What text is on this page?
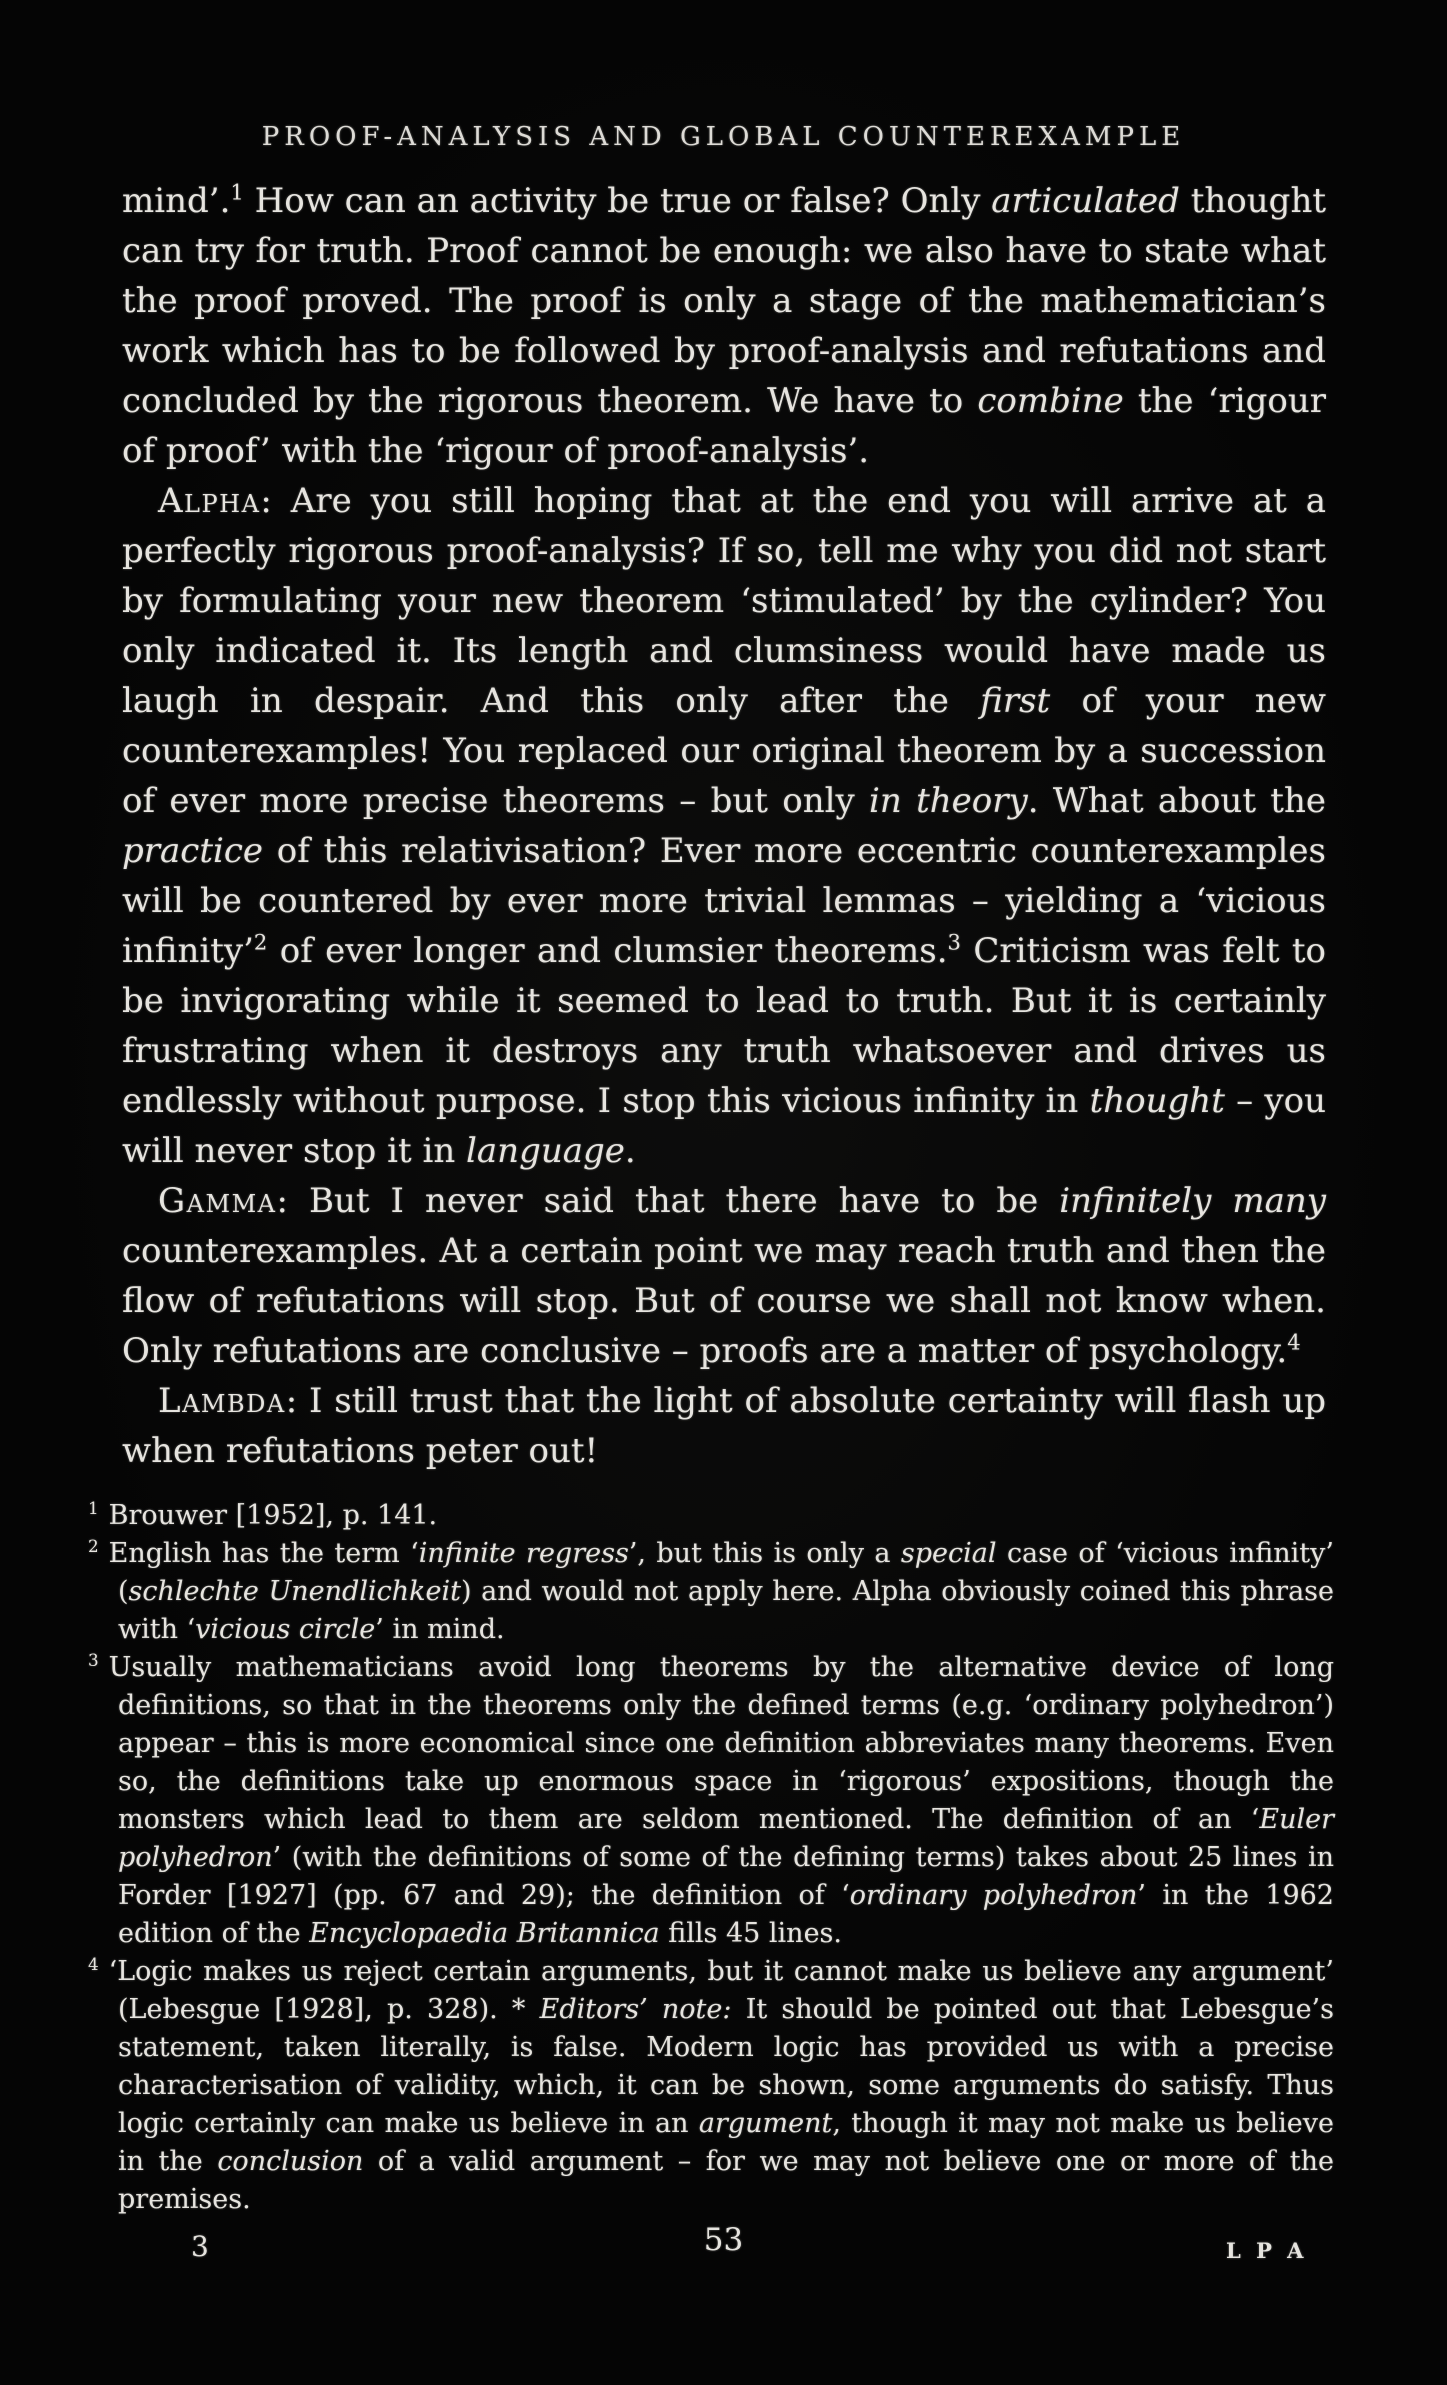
PROOF-ANALYSIS AND GLOBAL COUNTEREXAMPLE

mind’.$^1$ How can an activity be true or false? Only articulated thought can try for truth. Proof cannot be enough: we also have to state what the proof proved. The proof is only a stage of the mathematician’s work which has to be followed by proof-analysis and refutations and concluded by the rigorous theorem. We have to combine the ‘rigour of proof’ with the ‘rigour of proof-analysis’.

Alpha: Are you still hoping that at the end you will arrive at a perfectly rigorous proof-analysis? If so, tell me why you did not start by formulating your new theorem ‘stimulated’ by the cylinder? You only indicated it. Its length and clumsiness would have made us laugh in despair. And this only after the first of your new counterexamples! You replaced our original theorem by a succession of ever more precise theorems – but only in theory. What about the practice of this relativisation? Ever more eccentric counterexamples will be countered by ever more trivial lemmas – yielding a ‘vicious infinity’$^2$ of ever longer and clumsier theorems.$^3$ Criticism was felt to be invigorating while it seemed to lead to truth. But it is certainly frustrating when it destroys any truth whatsoever and drives us endlessly without purpose. I stop this vicious infinity in thought – you will never stop it in language.

Gamma: But I never said that there have to be infinitely many counterexamples. At a certain point we may reach truth and then the flow of refutations will stop. But of course we shall not know when. Only refutations are conclusive – proofs are a matter of psychology.$^4$

Lambda: I still trust that the light of absolute certainty will flash up when refutations peter out!

$^1$ Brouwer [1952], p. 141.
$^2$ English has the term ‘infinite regress’, but this is only a special case of ‘vicious infinity’ (schlechte Unendlichkeit) and would not apply here. Alpha obviously coined this phrase with ‘vicious circle’ in mind.
$^3$ Usually mathematicians avoid long theorems by the alternative device of long definitions, so that in the theorems only the defined terms (e.g. ‘ordinary polyhedron’) appear – this is more economical since one definition abbreviates many theorems. Even so, the definitions take up enormous space in ‘rigorous’ expositions, though the monsters which lead to them are seldom mentioned. The definition of an ‘Euler polyhedron’ (with the definitions of some of the defining terms) takes about 25 lines in Forder [1927] (pp. 67 and 29); the definition of ‘ordinary polyhedron’ in the 1962 edition of the Encyclopaedia Britannica fills 45 lines.
$^4$ ‘Logic makes us reject certain arguments, but it cannot make us believe any argument’ (Lebesgue [1928], p. 328). * Editors’ note: It should be pointed out that Lebesgue’s statement, taken literally, is false. Modern logic has provided us with a precise characterisation of validity, which, it can be shown, some arguments do satisfy. Thus logic certainly can make us believe in an argument, though it may not make us believe in the conclusion of a valid argument – for we may not believe one or more of the premises.
3	53	L P A
